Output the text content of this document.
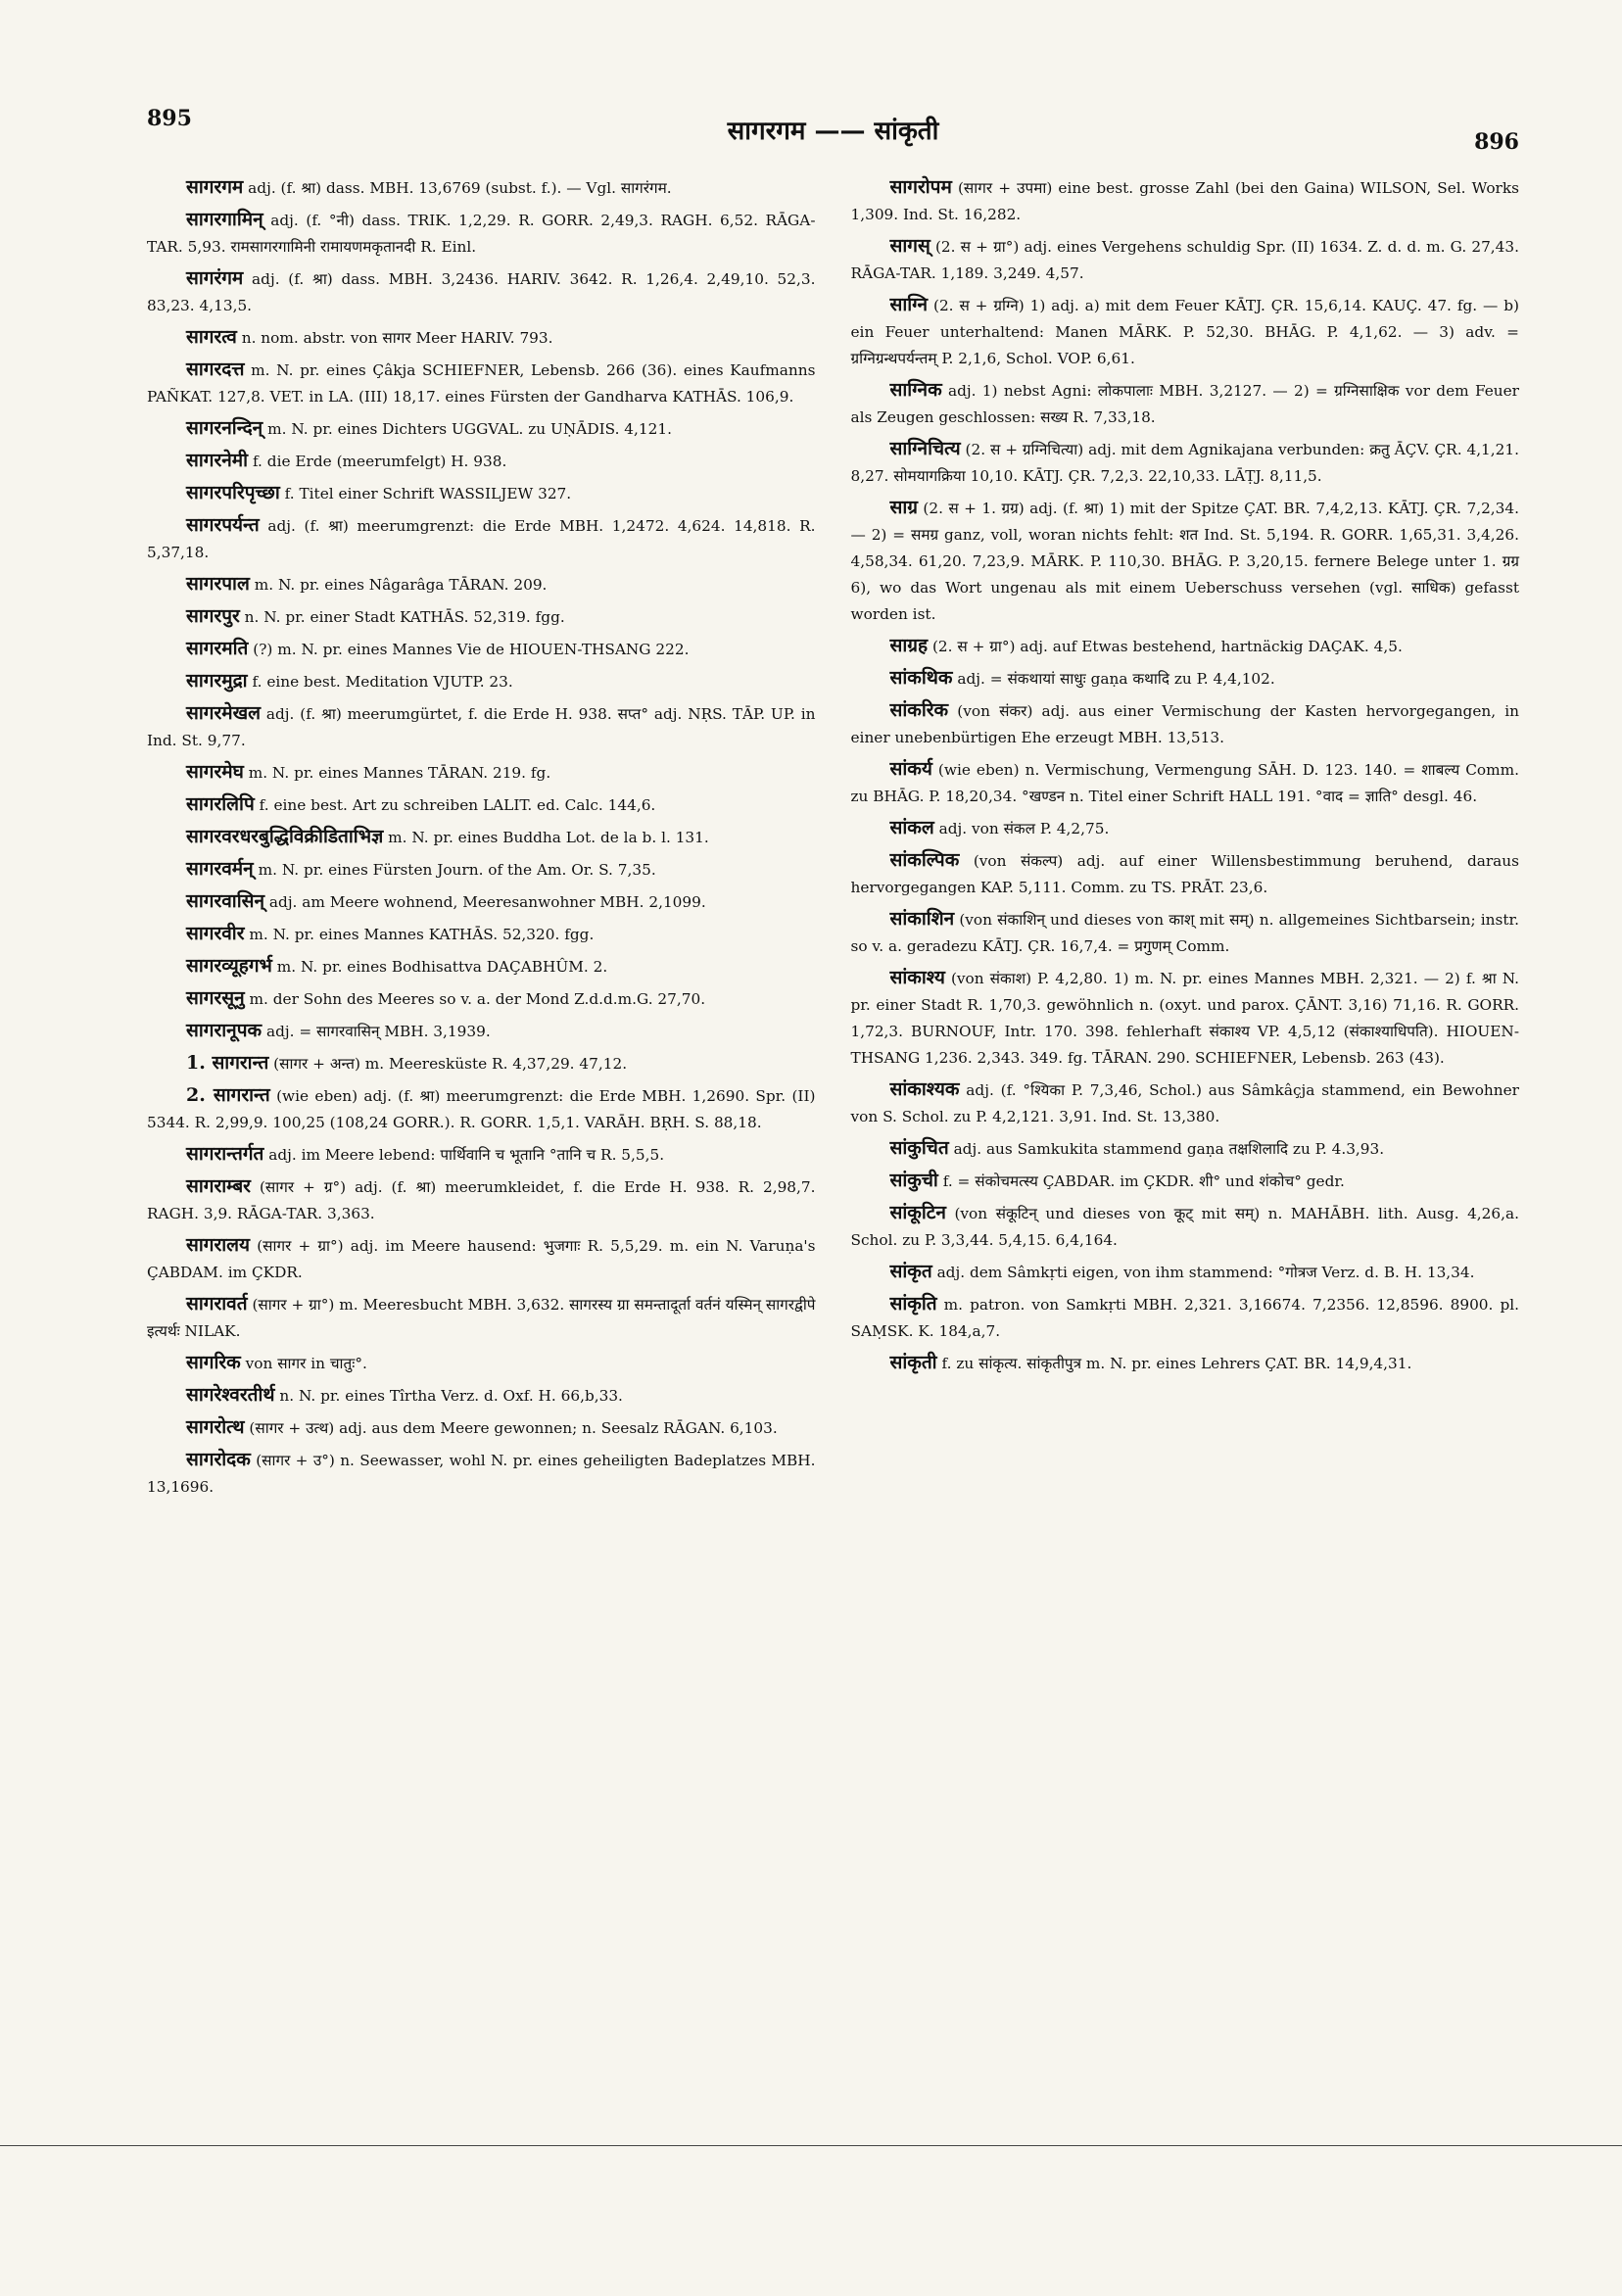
895	सागरगम —— सांकृती	896

सागरगम adj. (f. श्रा) dass. MBH. 13,6769 (subst. f.). — Vgl. सागरंगम.

सागरगामिन् adj. (f. °नी) dass. TRIK. 1,2,29. R. GORR. 2,49,3. RAGH. 6,52. RĀGA-TAR. 5,93. रामसागरगामिनी रामायणमकृतानदी R. Einl.

सागरंगम adj. (f. श्रा) dass. MBH. 3,2436. HARIV. 3642. R. 1,26,4. 2,49,10. 52,3. 83,23. 4,13,5.

सागरत्व n. nom. abstr. von सागर Meer HARIV. 793.

सागरदत्त m. N. pr. eines Çâkja SCHIEFNER, Lebensb. 266 (36). eines Kaufmanns PAÑKAT. 127,8. VET. in LA. (III) 18,17. eines Fürsten der Gandharva KATHĀS. 106,9.

सागरनन्दिन् m. N. pr. eines Dichters UGGVAL. zu UṆĀDIS. 4,121.

सागरनेमी f. die Erde (meerumfelgt) H. 938.

सागरपरिपृच्छा f. Titel einer Schrift WASSILJEW 327.

सागरपर्यन्त adj. (f. श्रा) meerumgrenzt: die Erde MBH. 1,2472. 4,624. 14,818. R. 5,37,18.

सागरपाल m. N. pr. eines Nâgarâga TĀRAN. 209.

सागरपुर n. N. pr. einer Stadt KATHĀS. 52,319. fgg.

सागरमति (?) m. N. pr. eines Mannes Vie de HIOUEN-THSANG 222.

सागरमुद्रा f. eine best. Meditation VJUTP. 23.

सागरमेखल adj. (f. श्रा) meerumgürtet, f. die Erde H. 938. सप्त° adj. NṚS. TĀP. UP. in Ind. St. 9,77.

सागरमेघ m. N. pr. eines Mannes TĀRAN. 219. fg.

सागरलिपि f. eine best. Art zu schreiben LALIT. ed. Calc. 144,6.

सागरवरधरबुद्धिविक्रीडिताभिज्ञ m. N. pr. eines Buddha Lot. de la b. l. 131.

सागरवर्मन् m. N. pr. eines Fürsten Journ. of the Am. Or. S. 7,35.

सागरवासिन् adj. am Meere wohnend, Meeresanwohner MBH. 2,1099.

सागरवीर m. N. pr. eines Mannes KATHĀS. 52,320. fgg.

सागरव्यूहगर्भ m. N. pr. eines Bodhisattva DAÇABHÛM. 2.

सागरसूनु m. der Sohn des Meeres so v. a. der Mond Z.d.d.m.G. 27,70.

सागरानूपक adj. = सागरवासिन् MBH. 3,1939.

1. सागरान्त (सागर + अन्त) m. Meeresküste R. 4,37,29. 47,12.

2. सागरान्त (wie eben) adj. (f. श्रा) meerumgrenzt: die Erde MBH. 1,2690. Spr. (II) 5344. R. 2,99,9. 100,25 (108,24 GORR.). R. GORR. 1,5,1. VARĀH. BṚH. S. 88,18.

सागरान्तर्गत adj. im Meere lebend: पार्थिवानि च भूतानि °तानि च R. 5,5,5.

सागराम्बर (सागर + ग्र°) adj. (f. श्रा) meerumkleidet, f. die Erde H. 938. R. 2,98,7. RAGH. 3,9. RĀGA-TAR. 3,363.

सागरालय (सागर + ग्रा°) adj. im Meere hausend: भुजगाः R. 5,5,29. m. ein N. Varuṇa's ÇABDAM. im ÇKDR.

सागरावर्त (सागर + ग्रा°) m. Meeresbucht MBH. 3,632. सागरस्य ग्रा समन्तादूर्ता वर्तनं यस्मिन् सागरद्वीपे इत्यर्थः NILAK.

सागरिक von सागर in चातुः°.

सागरेश्वरतीर्थ n. N. pr. eines Tîrtha Verz. d. Oxf. H. 66,b,33.

सागरोत्थ (सागर + उत्थ) adj. aus dem Meere gewonnen; n. Seesalz RĀGAN. 6,103.

सागरोदक (सागर + उ°) n. Seewasser, wohl N. pr. eines geheiligten Badeplatzes MBH. 13,1696.

सागरोपम (सागर + उपमा) eine best. grosse Zahl (bei den Gaina) WILSON, Sel. Works 1,309. Ind. St. 16,282.

सागस् (2. स + ग्रा°) adj. eines Vergehens schuldig Spr. (II) 1634. Z. d. d. m. G. 27,43. RĀGA-TAR. 1,189. 3,249. 4,57.

साग्नि (2. स + ग्रग्नि) 1) adj. a) mit dem Feuer KĀTJ. ÇR. 15,6,14. KAUÇ. 47. fg. — b) ein Feuer unterhaltend: Manen MĀRK. P. 52,30. BHĀG. P. 4,1,62. — 3) adv. = ग्रग्निग्रन्थपर्यन्तम् P. 2,1,6, Schol. VOP. 6,61.

साग्निक adj. 1) nebst Agni: लोकपालाः MBH. 3,2127. — 2) = ग्रग्निसाक्षिक vor dem Feuer als Zeugen geschlossen: सख्य R. 7,33,18.

साग्निचित्य (2. स + ग्रग्निचित्या) adj. mit dem Agnikajana verbunden: क्रतु ĀÇV. ÇR. 4,1,21. 8,27. सोमयागक्रिया 10,10. KĀTJ. ÇR. 7,2,3. 22,10,33. LĀṬJ. 8,11,5.

साग्र (2. स + 1. ग्रग्र) adj. (f. श्रा) 1) mit der Spitze ÇAT. BR. 7,4,2,13. KĀTJ. ÇR. 7,2,34. — 2) = समग्र ganz, voll, woran nichts fehlt: शत Ind. St. 5,194. R. GORR. 1,65,31. 3,4,26. 4,58,34. 61,20. 7,23,9. MĀRK. P. 110,30. BHĀG. P. 3,20,15. fernere Belege unter 1. ग्रग्र 6), wo das Wort ungenau als mit einem Ueberschuss versehen (vgl. साधिक) gefasst worden ist.

साग्रह (2. स + ग्रा°) adj. auf Etwas bestehend, hartnäckig DAÇAK. 4,5.

सांकथिक adj. = संकथायां साधुः gaṇa कथादि zu P. 4,4,102.

सांकरिक (von संकर) adj. aus einer Vermischung der Kasten hervorgegangen, in einer unebenbürtigen Ehe erzeugt MBH. 13,513.

सांकर्य (wie eben) n. Vermischung, Vermengung SĀH. D. 123. 140. = शाबल्य Comm. zu BHĀG. P. 18,20,34. °खण्डन n. Titel einer Schrift HALL 191. °वाद = ज्ञाति° desgl. 46.

सांकल adj. von संकल P. 4,2,75.

सांकल्पिक (von संकल्प) adj. auf einer Willensbestimmung beruhend, daraus hervorgegangen KAP. 5,111. Comm. zu TS. PRĀT. 23,6.

सांकाशिन (von संकाशिन् und dieses von काश् mit सम्) n. allgemeines Sichtbarsein; instr. so v. a. geradezu KĀTJ. ÇR. 16,7,4. = प्रगुणम् Comm.

सांकाश्य (von संकाश) P. 4,2,80. 1) m. N. pr. eines Mannes MBH. 2,321. — 2) f. श्रा N. pr. einer Stadt R. 1,70,3. gewöhnlich n. (oxyt. und parox. ÇĀNT. 3,16) 71,16. R. GORR. 1,72,3. BURNOUF, Intr. 170. 398. fehlerhaft संकाश्य VP. 4,5,12 (संकाश्याधिपति). HIOUEN-THSANG 1,236. 2,343. 349. fg. TĀRAN. 290. SCHIEFNER, Lebensb. 263 (43).

सांकाश्यक adj. (f. °श्यिका P. 7,3,46, Schol.) aus Sâmkâçja stammend, ein Bewohner von S. Schol. zu P. 4,2,121. 3,91. Ind. St. 13,380.

सांकुचित adj. aus Samkukita stammend gaṇa तक्षशिलादि zu P. 4.3,93.

सांकुची f. = संकोचमत्स्य ÇABDAR. im ÇKDR. शी° und शंकोच° gedr.

सांकूटिन (von संकूटिन् und dieses von कूट् mit सम्) n. MAHĀBH. lith. Ausg. 4,26,a. Schol. zu P. 3,3,44. 5,4,15. 6,4,164.

सांकृत adj. dem Sâmkṛti eigen, von ihm stammend: °गोत्रज Verz. d. B. H. 13,34.

सांकृति m. patron. von Samkṛti MBH. 2,321. 3,16674. 7,2356. 12,8596. 8900. pl. SAṂSK. K. 184,a,7.

सांकृती f. zu सांकृत्य. सांकृतीपुत्र m. N. pr. eines Lehrers ÇAT. BR. 14,9,4,31.
